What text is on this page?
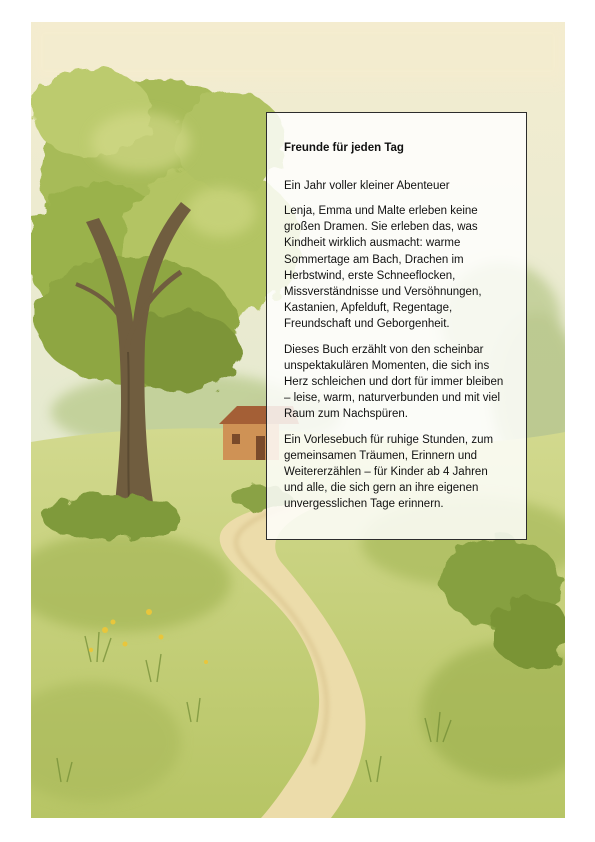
Freunde für jeden Tag
Ein Jahr voller kleiner Abenteuer

Lenja, Emma und Malte erleben keine großen Dramen. Sie erleben das, was Kindheit wirklich ausmacht: warme Sommertage am Bach, Drachen im Herbstwind, erste Schneeflocken, Missverständnisse und Versöhnungen, Kastanien, Apfelduft, Regentage, Freundschaft und Geborgenheit.

Dieses Buch erzählt von den scheinbar unspektakulären Momenten, die sich ins Herz schleichen und dort für immer bleiben – leise, warm, naturverbunden und mit viel Raum zum Nachspüren.

Ein Vorlesebuch für ruhige Stunden, zum gemeinsamen Träumen, Erinnern und Weitererzählen – für Kinder ab 4 Jahren und alle, die sich gern an ihre eigenen unvergesslichen Tage erinnern.
